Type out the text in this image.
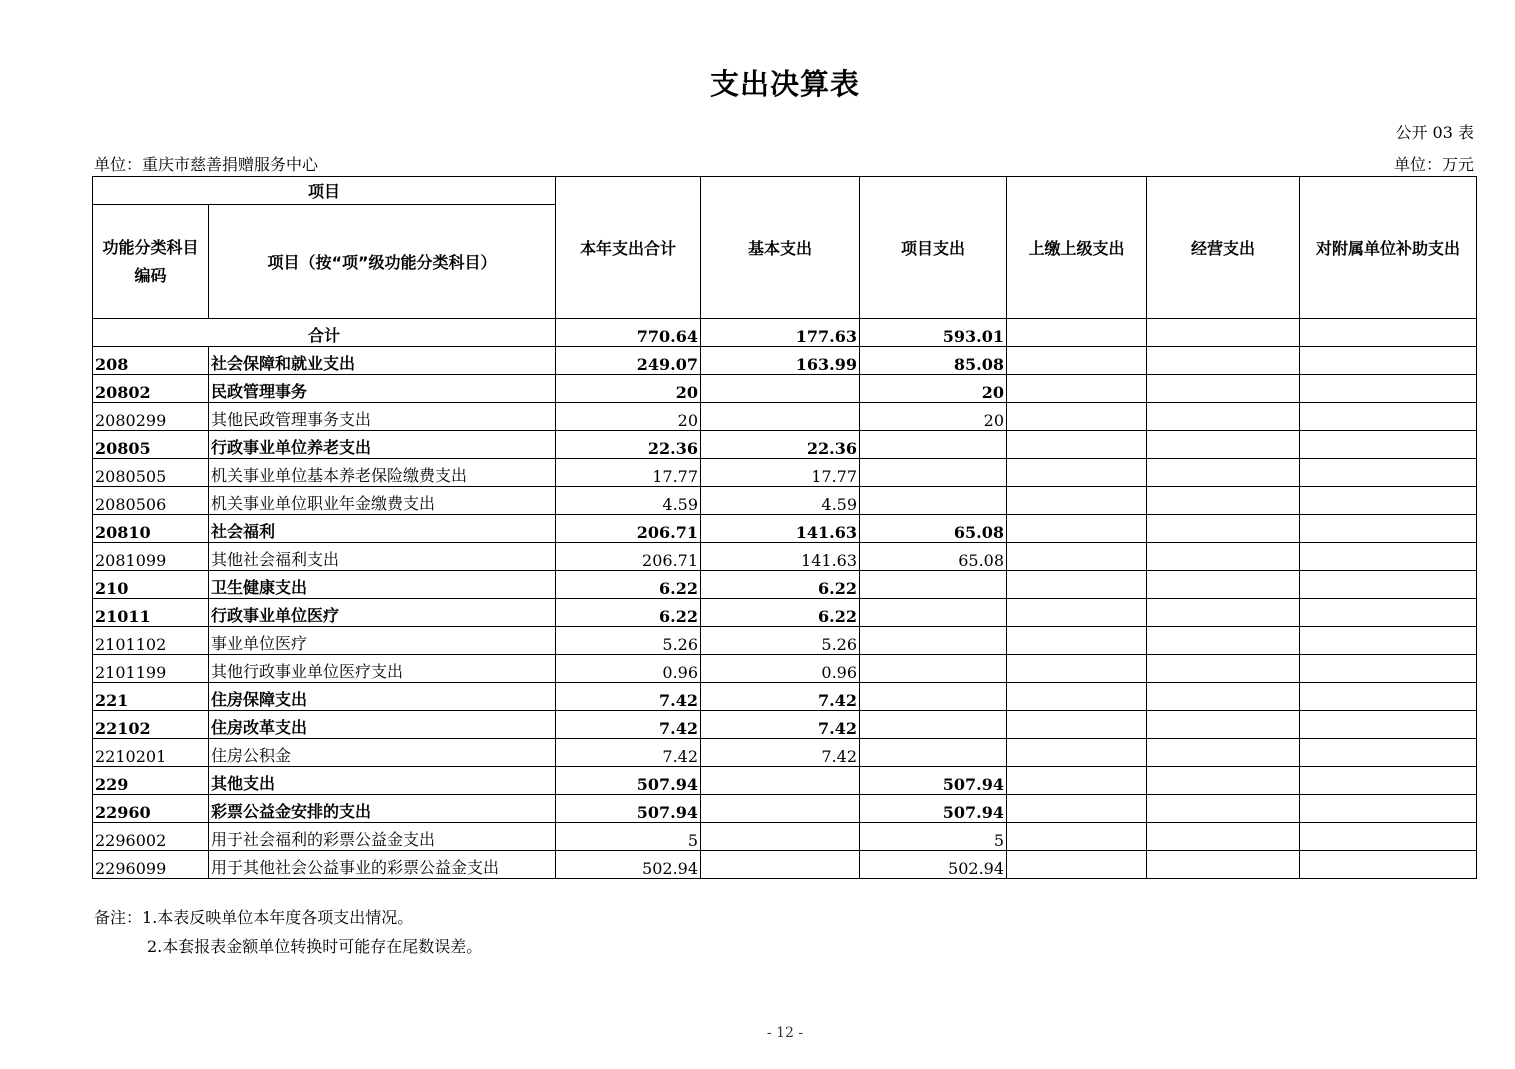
支出决算表
公开 03 表
单位：重庆市慈善捐赠服务中心	单位：万元
项目		本年支出合计	基本支出	项目支出	上缴上级支出	经营支出	对附属单位补助支出
功能分类科目编码	项目（按“项”级功能分类科目）						
合计		770.64	177.63	593.01			
208	社会保障和就业支出	249.07	163.99	85.08			
20802	民政管理事务	20		20			
2080299	其他民政管理事务支出	20		20			
20805	行政事业单位养老支出	22.36	22.36				
2080505	机关事业单位基本养老保险缴费支出	17.77	17.77				
2080506	机关事业单位职业年金缴费支出	4.59	4.59				
20810	社会福利	206.71	141.63	65.08			
2081099	其他社会福利支出	206.71	141.63	65.08			
210	卫生健康支出	6.22	6.22				
21011	行政事业单位医疗	6.22	6.22				
2101102	事业单位医疗	5.26	5.26				
2101199	其他行政事业单位医疗支出	0.96	0.96				
221	住房保障支出	7.42	7.42				
22102	住房改革支出	7.42	7.42				
2210201	住房公积金	7.42	7.42				
229	其他支出	507.94		507.94			
22960	彩票公益金安排的支出	507.94		507.94			
2296002	用于社会福利的彩票公益金支出	5		5			
2296099	用于其他社会公益事业的彩票公益金支出	502.94		502.94			
备注：1.本表反映单位本年度各项支出情况。
2.本套报表金额单位转换时可能存在尾数误差。
- 12 -
